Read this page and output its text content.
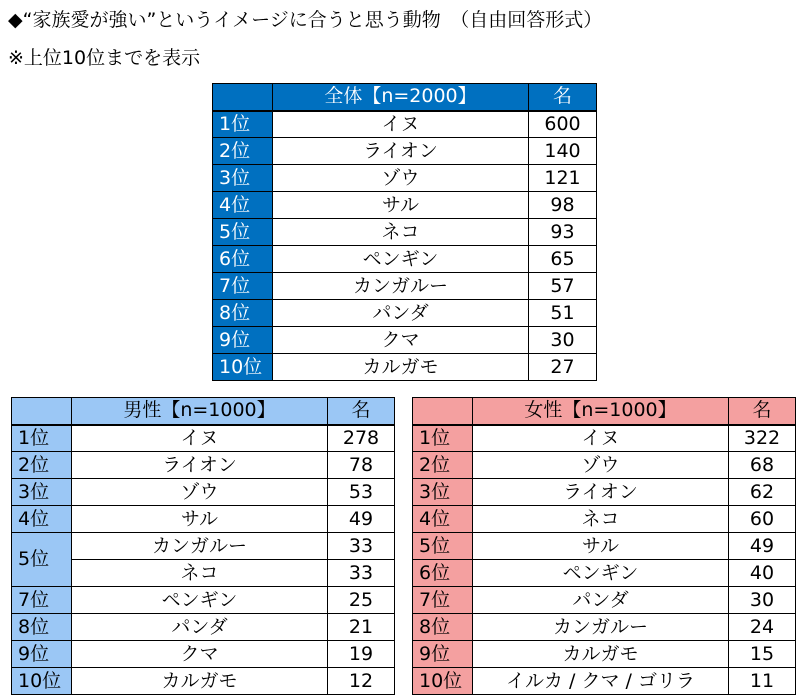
◆“家族愛が強い”というイメージに合うと思う動物　（自由回答形式）
※上位10位までを表示
	全体【n=2000】	名
1位	イヌ	600
2位	ライオン	140
3位	ゾウ	121
4位	サル	98
5位	ネコ	93
6位	ペンギン	65
7位	カンガルー	57
8位	パンダ	51
9位	クマ	30
10位	カルガモ	27
	男性【n=1000】	名
1位	イヌ	278
2位	ライオン	78
3位	ゾウ	53
4位	サル	49
5位	カンガルー	33
	ネコ	33
7位	ペンギン	25
8位	パンダ	21
9位	クマ	19
10位	カルガモ	12
	女性【n=1000】	名
1位	イヌ	322
2位	ゾウ	68
3位	ライオン	62
4位	ネコ	60
5位	サル	49
6位	ペンギン	40
7位	パンダ	30
8位	カンガルー	24
9位	カルガモ	15
10位	イルカ / クマ / ゴリラ	11
